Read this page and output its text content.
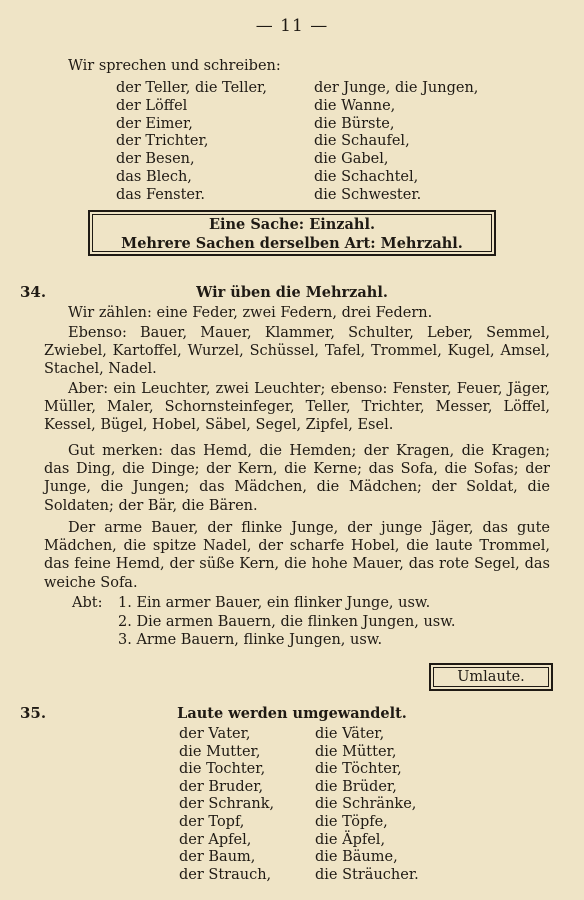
— 11 —
Wir sprechen und schreiben:
der Teller, die Teller,
der Löffel
der Eimer,
der Trichter,
der Besen,
das Blech,
das Fenster.
der Junge, die Jungen,
die Wanne,
die Bürste,
die Schaufel,
die Gabel,
die Schachtel,
die Schwester.
Eine Sache: Einzahl.
Mehrere Sachen derselben Art: Mehrzahl.
34.	Wir üben die Mehrzahl.
Wir zählen: eine Feder, zwei Federn, drei Federn.
Ebenso: Bauer, Mauer, Klammer, Schulter, Leber, Semmel, Zwiebel, Kartoffel, Wurzel, Schüssel, Tafel, Trommel, Kugel, Amsel, Stachel, Nadel.
Aber: ein Leuchter, zwei Leuchter; ebenso: Fenster, Feuer, Jäger, Müller, Maler, Schornsteinfeger, Teller, Trichter, Messer, Löffel, Kessel, Bügel, Hobel, Säbel, Segel, Zipfel, Esel.
Gut merken: das Hemd, die Hemden; der Kragen, die Kragen; das Ding, die Dinge; der Kern, die Kerne; das Sofa, die Sofas; der Junge, die Jungen; das Mädchen, die Mädchen; der Soldat, die Soldaten; der Bär, die Bären.
Der arme Bauer, der flinke Junge, der junge Jäger, das gute Mädchen, die spitze Nadel, der scharfe Hobel, die laute Trommel, das feine Hemd, der süße Kern, die hohe Mauer, das rote Segel, das weiche Sofa.
Abt: 1. Ein armer Bauer, ein flinker Junge, usw.
2. Die armen Bauern, die flinken Jungen, usw.
3. Arme Bauern, flinke Jungen, usw.
Umlaute.
35.	Laute werden umgewandelt.
der Vater,
die Mutter,
die Tochter,
der Bruder,
der Schrank,
der Topf,
der Apfel,
der Baum,
der Strauch,
die Väter,
die Mütter,
die Töchter,
die Brüder,
die Schränke,
die Töpfe,
die Äpfel,
die Bäume,
die Sträucher.
